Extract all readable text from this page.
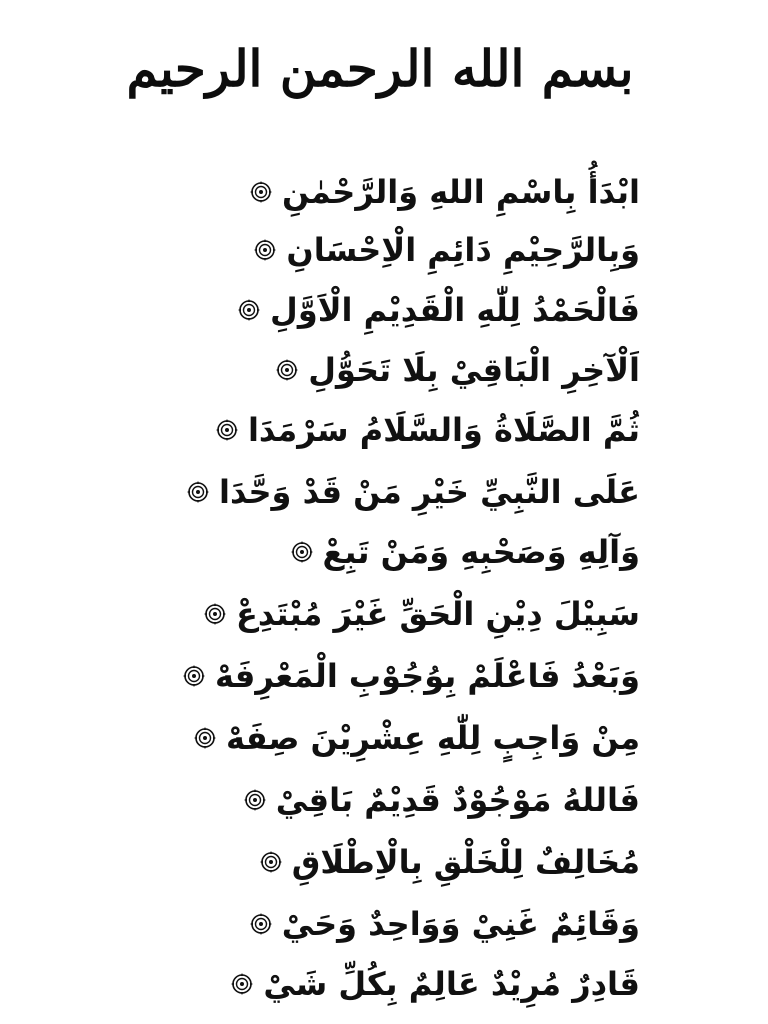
بسم الله الرحمن الرحيم
ابْدَأُ بِاسْمِ اللهِ وَالرَّحْمٰنِ
وَبِالرَّحِيْمِ دَائِمِ الْاِحْسَانِ
فَالْحَمْدُ لِلّٰهِ الْقَدِيْمِ الْاَوَّلِ
اَلْآخِرِ الْبَاقِيْ بِلَا تَحَوُّلِ
ثُمَّ الصَّلَاةُ وَالسَّلَامُ سَرْمَدَا
عَلَى النَّبِيِّ خَيْرِ مَنْ قَدْ وَحَّدَا
وَآلِهِ وَصَحْبِهِ وَمَنْ تَبِعْ
سَبِيْلَ دِيْنِ الْحَقِّ غَيْرَ مُبْتَدِعْ
وَبَعْدُ فَاعْلَمْ بِوُجُوْبِ الْمَعْرِفَهْ
مِنْ وَاجِبٍ لِلّٰهِ عِشْرِيْنَ صِفَهْ
فَاللهُ مَوْجُوْدٌ قَدِيْمٌ بَاقِيْ
مُخَالِفٌ لِلْخَلْقِ بِالْاِطْلَاقِ
وَقَائِمٌ غَنِيْ وَوَاحِدٌ وَحَيْ
قَادِرٌ مُرِيْدٌ عَالِمٌ بِكُلِّ شَيْ
